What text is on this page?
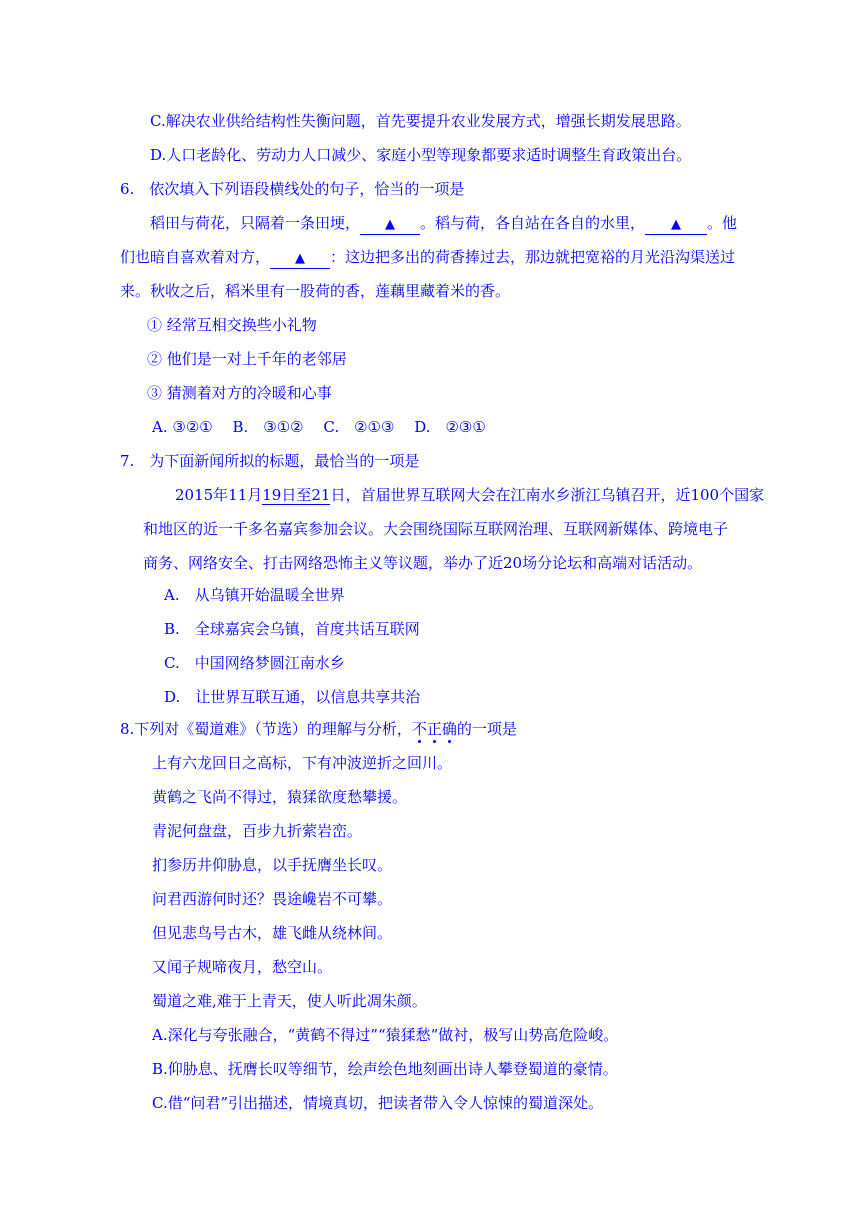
C.解决农业供给结构性失衡问题，首先要提升农业发展方式，增强长期发展思路。
D.人口老龄化、劳动力人口减少、家庭小型等现象都要求适时调整生育政策出台。
6.　依次填入下列语段横线处的句子，恰当的一项是
稻田与荷花，只隔着一条田埂， ▲ 。稻与荷，各自站在各自的水里， ▲ 。他
们也暗自喜欢着对方， ▲ ：这边把多出的荷香捧过去，那边就把宽裕的月光沿沟渠送过
来。秋收之后，稻米里有一股荷的香，莲藕里藏着米的香。
① 经常互相交换些小礼物
② 他们是一对上千年的老邻居
③ 猜测着对方的冷暖和心事
A. ③②①　 B.　③①②　 C.　②①③　 D.　②③①
7.　为下面新闻所拟的标题，最恰当的一项是
2015年11月19日至21日，首届世界互联网大会在江南水乡浙江乌镇召开，近100个国家
和地区的近一千多名嘉宾参加会议。大会围绕国际互联网治理、互联网新媒体、跨境电子
商务、网络安全、打击网络恐怖主义等议题，举办了近20场分论坛和高端对话活动。
A.　从乌镇开始温暖全世界
B.　全球嘉宾会乌镇，首度共话互联网
C.　中国网络梦圆江南水乡
D.　让世界互联互通，以信息共享共治
8.下列对《蜀道难》（节选）的理解与分析，不正确的一项是
上有六龙回日之高标，下有冲波逆折之回川。
黄鹤之飞尚不得过，猿猱欲度愁攀援。
青泥何盘盘，百步九折萦岩峦。
扪参历井仰胁息，以手抚膺坐长叹。
问君西游何时还？畏途巉岩不可攀。
但见悲鸟号古木，雄飞雌从绕林间。
又闻子规啼夜月，愁空山。
蜀道之难,难于上青天，使人听此凋朱颜。
A.深化与夸张融合，“黄鹤不得过”“猿猱愁”做衬，极写山势高危险峻。
B.仰胁息、抚膺长叹等细节，绘声绘色地刻画出诗人攀登蜀道的豪情。
C.借“问君”引出描述，情境真切，把读者带入令人惊悚的蜀道深处。
